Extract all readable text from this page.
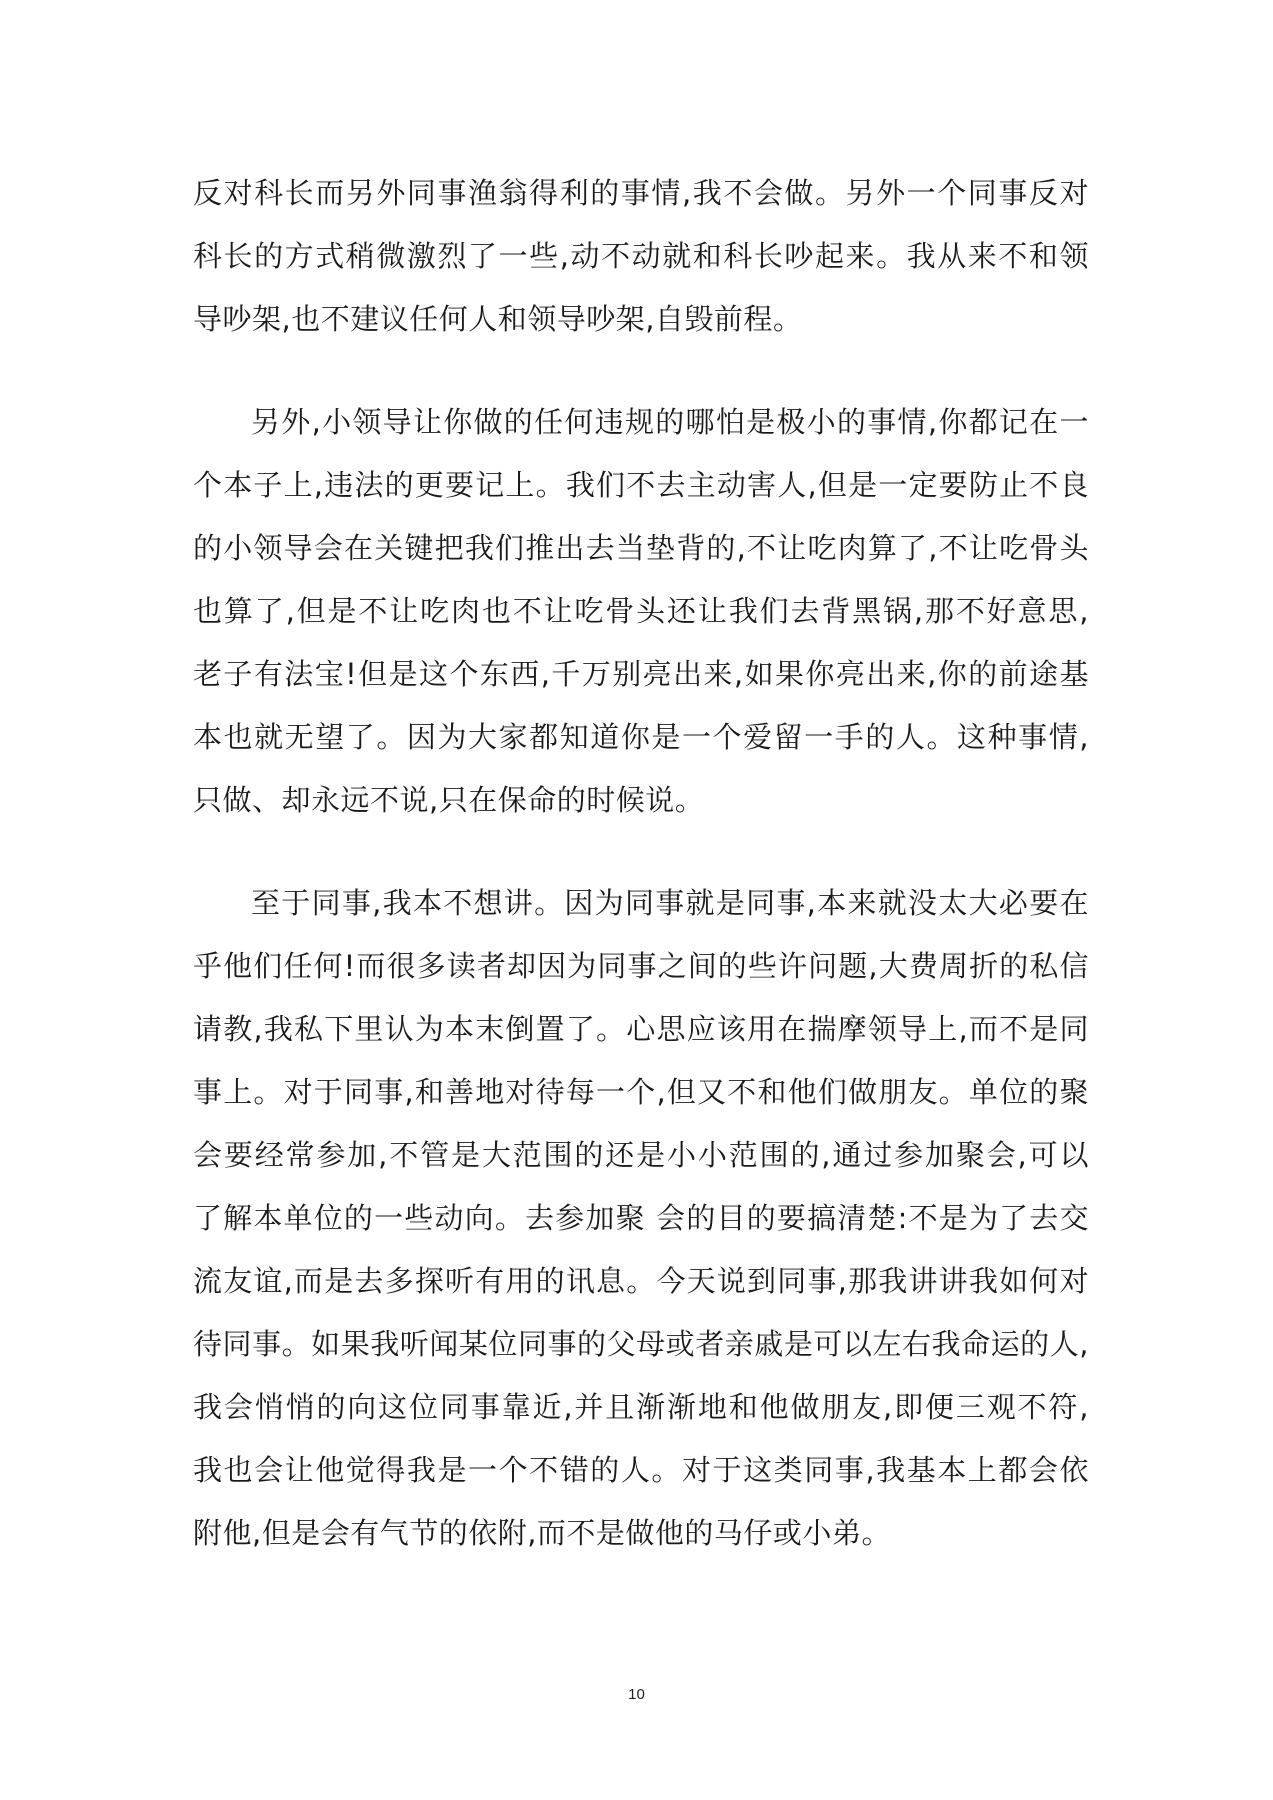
反对科长而另外同事渔翁得利的事情,我不会做。另外一个同事反对
科长的方式稍微激烈了一些,动不动就和科长吵起来。我从来不和领
导吵架,也不建议任何人和领导吵架,自毁前程。
另外,小领导让你做的任何违规的哪怕是极小的事情,你都记在一
个本子上,违法的更要记上。我们不去主动害人,但是一定要防止不良
的小领导会在关键把我们推出去当垫背的,不让吃肉算了,不让吃骨头
也算了,但是不让吃肉也不让吃骨头还让我们去背黑锅,那不好意思,
老子有法宝!但是这个东西,千万别亮出来,如果你亮出来,你的前途基
本也就无望了。因为大家都知道你是一个爱留一手的人。这种事情,
只做、却永远不说,只在保命的时候说。
至于同事,我本不想讲。因为同事就是同事,本来就没太大必要在
乎他们任何!而很多读者却因为同事之间的些许问题,大费周折的私信
请教,我私下里认为本末倒置了。心思应该用在揣摩领导上,而不是同
事上。对于同事,和善地对待每一个,但又不和他们做朋友。单位的聚
会要经常参加,不管是大范围的还是小小范围的,通过参加聚会,可以
了解本单位的一些动向。去参加聚 会的目的要搞清楚:不是为了去交
流友谊,而是去多探听有用的讯息。今天说到同事,那我讲讲我如何对
待同事。如果我听闻某位同事的父母或者亲戚是可以左右我命运的人,
我会悄悄的向这位同事靠近,并且渐渐地和他做朋友,即便三观不符,
我也会让他觉得我是一个不错的人。对于这类同事,我基本上都会依
附他,但是会有气节的依附,而不是做他的马仔或小弟。
10
